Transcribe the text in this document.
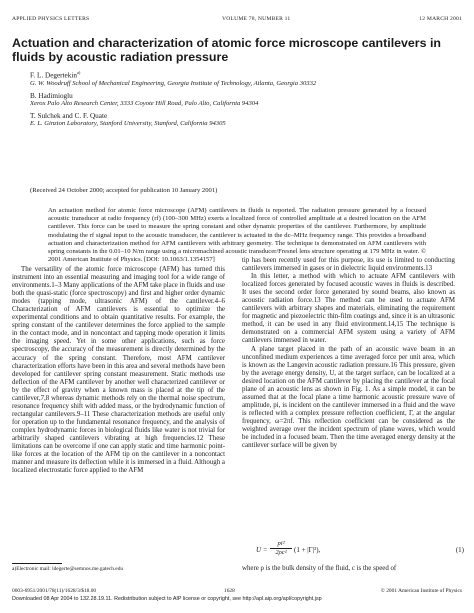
APPLIED PHYSICS LETTERS	VOLUME 78, NUMBER 11	12 MARCH 2001
Actuation and characterization of atomic force microscope cantilevers in fluids by acoustic radiation pressure
F. L. Degertekin$^{a)}$
G. W. Woodruff School of Mechanical Engineering, Georgia Institute of Technology, Atlanta, Georgia 30332
B. Hadimioglu
Xerox Palo Alto Research Center, 3333 Coyote Hill Road, Palo Alto, California 94304
T. Sulchek and C. F. Quate
E. L. Ginzton Laboratory, Stanford University, Stanford, California 94305
(Received 24 October 2000; accepted for publication 10 January 2001)
An actuation method for atomic force microscope (AFM) cantilevers in fluids is reported. The radiation pressure generated by a focused acoustic transducer at radio frequency (rf) (100–300 MHz) exerts a localized force of controlled amplitude at a desired location on the AFM cantilever. This force can be used to measure the spring constant and other dynamic properties of the cantilever. Furthermore, by amplitude modulating the rf signal input to the acoustic transducer, the cantilever is actuated in the dc–MHz frequency range. This provides a broadband actuation and characterization method for AFM cantilevers with arbitrary geometry. The technique is demonstrated on AFM cantilevers with spring constants in the 0.01–10 N/m range using a micromachined acoustic transducer/Fresnel lens structure operating at 179 MHz in water. © 2001 American Institute of Physics. [DOI: 10.1063/1.1354157]

The versatility of the atomic force microscope (AFM) has turned this instrument into an essential measuring and imaging tool for a wide range of environments.1–3 Many applications of the AFM take place in fluids and use both the quasi-static (force spectroscopy) and first and higher order dynamic modes (tapping mode, ultrasonic AFM) of the cantilever.4–6 Characterization of AFM cantilevers is essential to optimize the experimental conditions and to obtain quantitative results. For example, the spring constant of the cantilever determines the force applied to the sample in the contact mode, and in noncontact and tapping mode operation it limits the imaging speed. Yet in some other applications, such as force spectroscopy, the accuracy of the measurement is directly determined by the accuracy of the spring constant. Therefore, most AFM cantilever characterization efforts have been in this area and several methods have been developed for cantilever spring constant measurement. Static methods use deflection of the AFM cantilever by another well characterized cantilever or by the effect of gravity when a known mass is placed at the tip of the cantilever,7,8 whereas dynamic methods rely on the thermal noise spectrum, resonance frequency shift with added mass, or the hydrodynamic function of rectangular cantilevers.9–11 These characterization methods are useful only for operation up to the fundamental resonance frequency, and the analysis of complex hydrodynamic forces in biological fluids like water is not trivial for arbitrarily shaped cantilevers vibrating at high frequencies.12 These limitations can be overcome if one can apply static and time harmonic point-like forces at the location of the AFM tip on the cantilever in a noncontact manner and measure its deflection while it is immersed in a fluid. Although a localized electrostatic force applied to the AFM

a)Electronic mail: ldegerte@semnos.me.gatech.edu

tip has been recently used for this purpose, its use is limited to conducting cantilevers immersed in gases or in dielectric liquid environments.13

In this letter, a method with which to actuate AFM cantilevers with localized forces generated by focused acoustic waves in fluids is described. It uses the second order force generated by sound beams, also known as acoustic radiation force.13 The method can be used to actuate AFM cantilevers with arbitrary shapes and materials, eliminating the requirement for magnetic and piezoelectric thin-film coatings and, since it is an ultrasonic method, it can be used in any fluid environment.14,15 The technique is demonstrated on a commercial AFM system using a variety of AFM cantilevers immersed in water.

A plane target placed in the path of an acoustic wave beam in an unconfined medium experiences a time averaged force per unit area, which is known as the Langevin acoustic radiation pressure.16 This pressure, given by the average energy density, U, at the target surface, can be localized at a desired location on the AFM cantilever by placing the cantilever at the focal plane of an acoustic lens as shown in Fig. 1. As a simple model, it can be assumed that at the focal plane a time harmonic acoustic pressure wave of amplitude, pi, is incident on the cantilever immersed in a fluid and the wave is reflected with a complex pressure reflection coefficient, Γ, at the angular frequency, ω=2πf. This reflection coefficient can be considered as the weighted average over the incident spectrum of plane waves, which would be included in a focused beam. Then the time averaged energy density at the cantilever surface will be given by

U =
pi²
2ρc²	(1 + |Γ|²),	(1)
where ρ is the bulk density of the fluid, c is the speed of
0003-6951/2001/78(11)/1628/3/$18.00	1628	© 2001 American Institute of Physics
Downloaded 08 Apr 2004 to 132.28.19.11. Redistribution subject to AIP license or copyright, see http://apl.aip.org/apl/copyright.jsp
